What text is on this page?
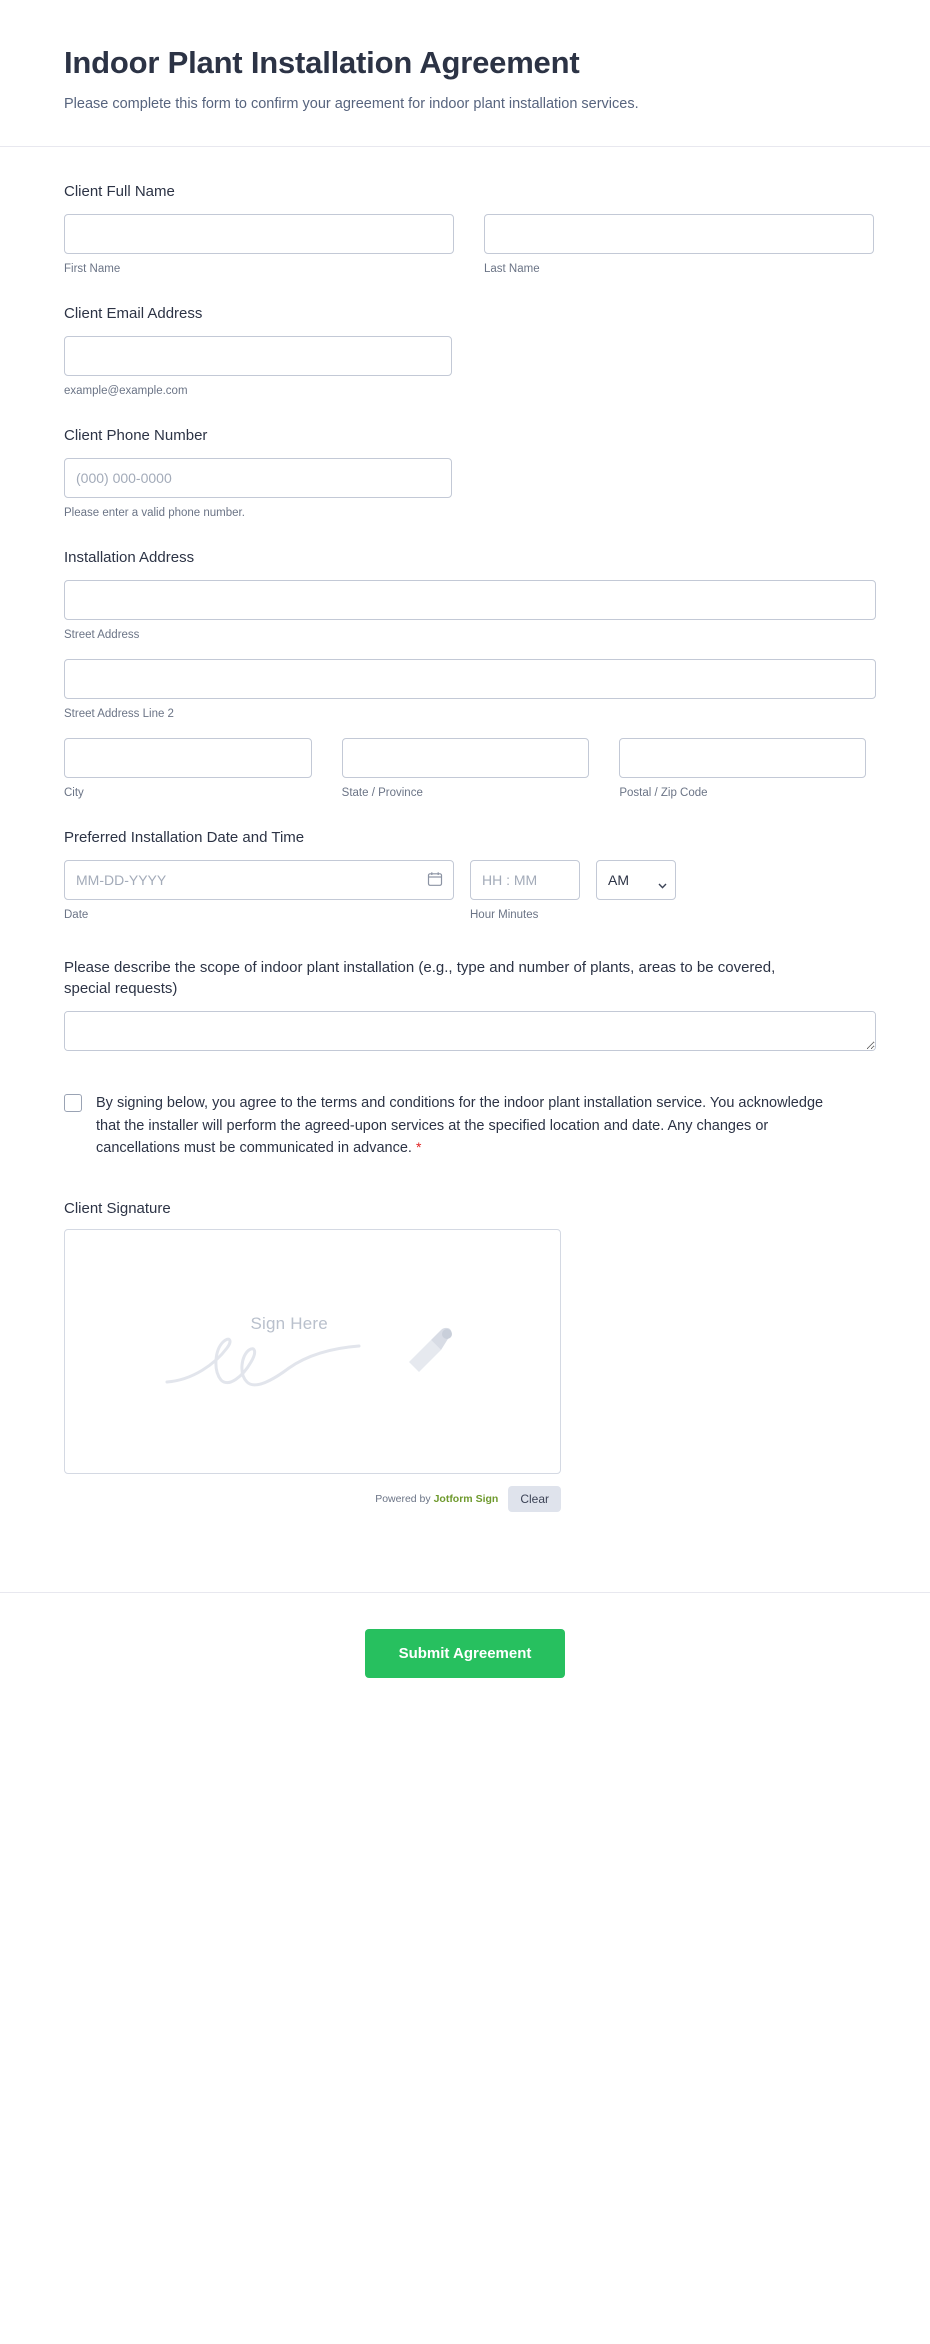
Indoor Plant Installation Agreement

Please complete this form to confirm your agreement for indoor plant installation services.

Client Full Name
First Name	Last Name
Client Email Address
example@example.com
Client Phone Number
(000) 000-0000
Please enter a valid phone number.
Installation Address
Street Address
Street Address Line 2
City	State / Province	Postal / Zip Code
Preferred Installation Date and Time
MM-DD-YYYY
HH : MM
AM
Date	Hour Minutes
Please describe the scope of indoor plant installation (e.g., type and number of plants, areas to be covered, special requests)
By signing below, you agree to the terms and conditions for the indoor plant installation service. You acknowledge that the installer will perform the agreed-upon services at the specified location and date. Any changes or cancellations must be communicated in advance. *
Client Signature
Sign Here
Powered by Jotform Sign	Clear
Submit Agreement
